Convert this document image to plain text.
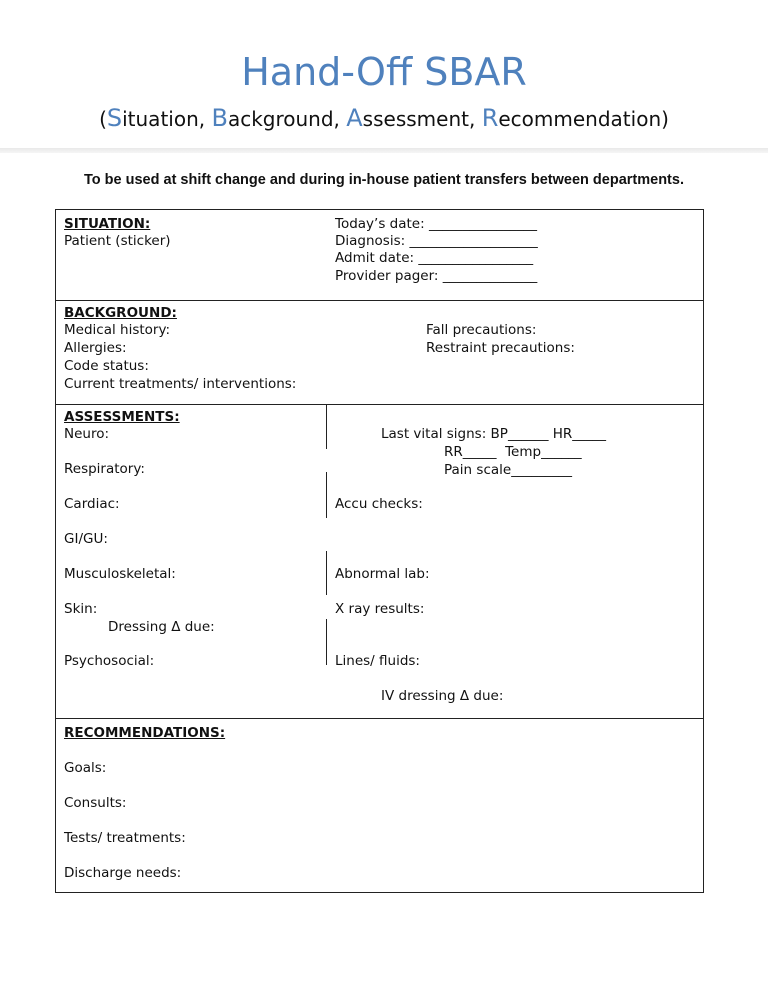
Hand-Off SBAR
(Situation, Background, Assessment, Recommendation)
To be used at shift change and during in-house patient transfers between departments.
SITUATION:
Patient (sticker)
Today’s date: ________________
Diagnosis: ___________________
Admit date: _________________
Provider pager: ______________
BACKGROUND:
Medical history:
Allergies:
Code status:
Current treatments/ interventions:
Fall precautions:
Restraint precautions:
ASSESSMENTS:
Neuro:
Respiratory:
Cardiac:
GI/GU:
Musculoskeletal:
Skin:
Dressing Δ due:
Psychosocial:
Last vital signs: BP______ HR_____
RR_____  Temp______
Pain scale_________
Accu checks:
Abnormal lab:
X ray results:
Lines/ fluids:
IV dressing Δ due:
RECOMMENDATIONS:
Goals:
Consults:
Tests/ treatments:
Discharge needs:
